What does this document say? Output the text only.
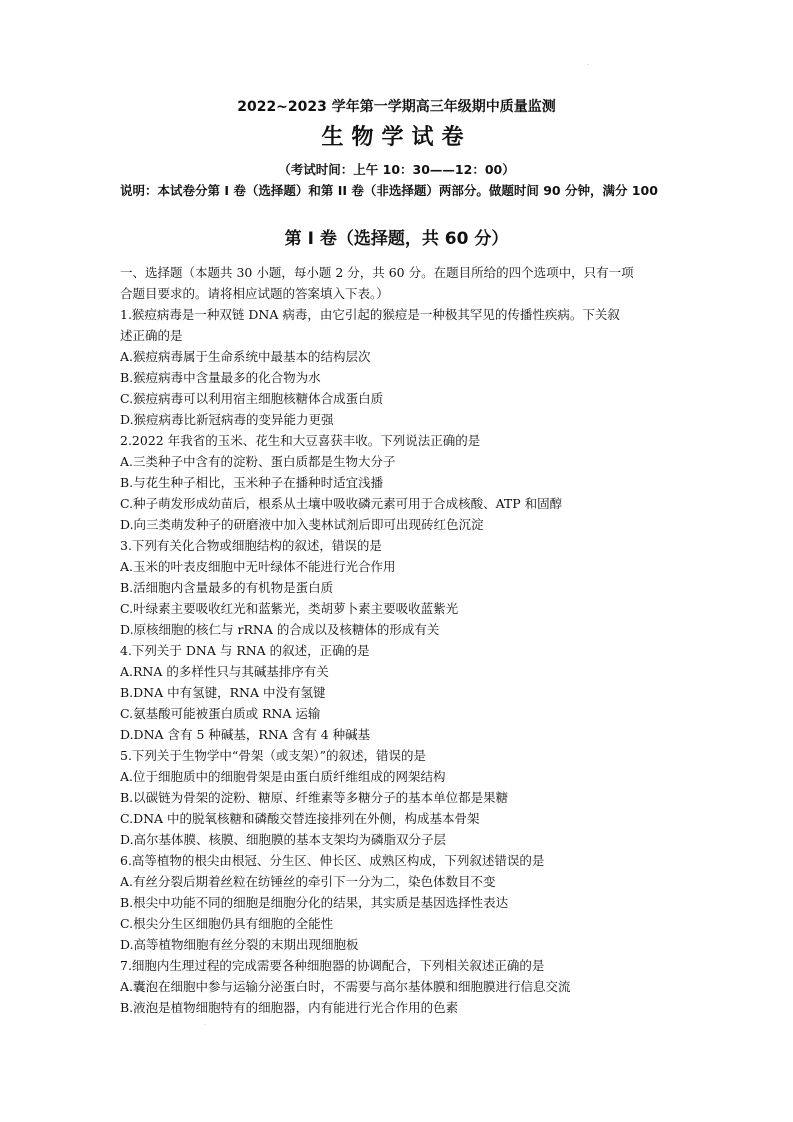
·
2022~2023 学年第一学期高三年级期中质量监测
生物学试卷
（考试时间：上午 10：30——12：00）
说明：本试卷分第 I 卷（选择题）和第 II 卷（非选择题）两部分。做题时间 90 分钟，满分 100
第 I 卷（选择题，共 60 分）
一、选择题（本题共 30 小题，每小题 2 分，共 60 分。在题目所给的四个选项中，只有一项
合题目要求的。请将相应试题的答案填入下表。）
1.猴痘病毒是一种双链 DNA 病毒，由它引起的猴痘是一种极其罕见的传播性疾病。下关叙
述正确的是
A.猴痘病毒属于生命系统中最基本的结构层次
B.猴痘病毒中含量最多的化合物为水
C.猴痘病毒可以利用宿主细胞核糖体合成蛋白质
D.猴痘病毒比新冠病毒的变异能力更强
2.2022 年我省的玉米、花生和大豆喜获丰收。下列说法正确的是
A.三类种子中含有的淀粉、蛋白质都是生物大分子
B.与花生种子相比，玉米种子在播种时适宜浅播
C.种子萌发形成幼苗后，根系从土壤中吸收磷元素可用于合成核酸、ATP 和固醇
D.向三类萌发种子的研磨液中加入斐林试剂后即可出现砖红色沉淀
3.下列有关化合物或细胞结构的叙述，错误的是
A.玉米的叶表皮细胞中无叶绿体不能进行光合作用
B.活细胞内含量最多的有机物是蛋白质
C.叶绿素主要吸收红光和蓝紫光，类胡萝卜素主要吸收蓝紫光
D.原核细胞的核仁与 rRNA 的合成以及核糖体的形成有关
4.下列关于 DNA 与 RNA 的叙述，正确的是
A.RNA 的多样性只与其碱基排序有关
B.DNA 中有氢键，RNA 中没有氢键
C.氨基酸可能被蛋白质或 RNA 运输
D.DNA 含有 5 种碱基，RNA 含有 4 种碱基
5.下列关于生物学中“骨架（或支架）”的叙述，错误的是
A.位于细胞质中的细胞骨架是由蛋白质纤维组成的网架结构
B.以碳链为骨架的淀粉、糖原、纤维素等多糖分子的基本单位都是果糖
C.DNA 中的脱氧核糖和磷酸交替连接排列在外侧，构成基本骨架
D.高尔基体膜、核膜、细胞膜的基本支架均为磷脂双分子层
6.高等植物的根尖由根冠、分生区、伸长区、成熟区构成，下列叙述错误的是
A.有丝分裂后期着丝粒在纺锤丝的牵引下一分为二，染色体数目不变
B.根尖中功能不同的细胞是细胞分化的结果，其实质是基因选择性表达
C.根尖分生区细胞仍具有细胞的全能性
D.高等植物细胞有丝分裂的末期出现细胞板
7.细胞内生理过程的完成需要各种细胞器的协调配合，下列相关叙述正确的是
A.囊泡在细胞中参与运输分泌蛋白时，不需要与高尔基体膜和细胞膜进行信息交流
B.液泡是植物细胞特有的细胞器，内有能进行光合作用的色素
·
